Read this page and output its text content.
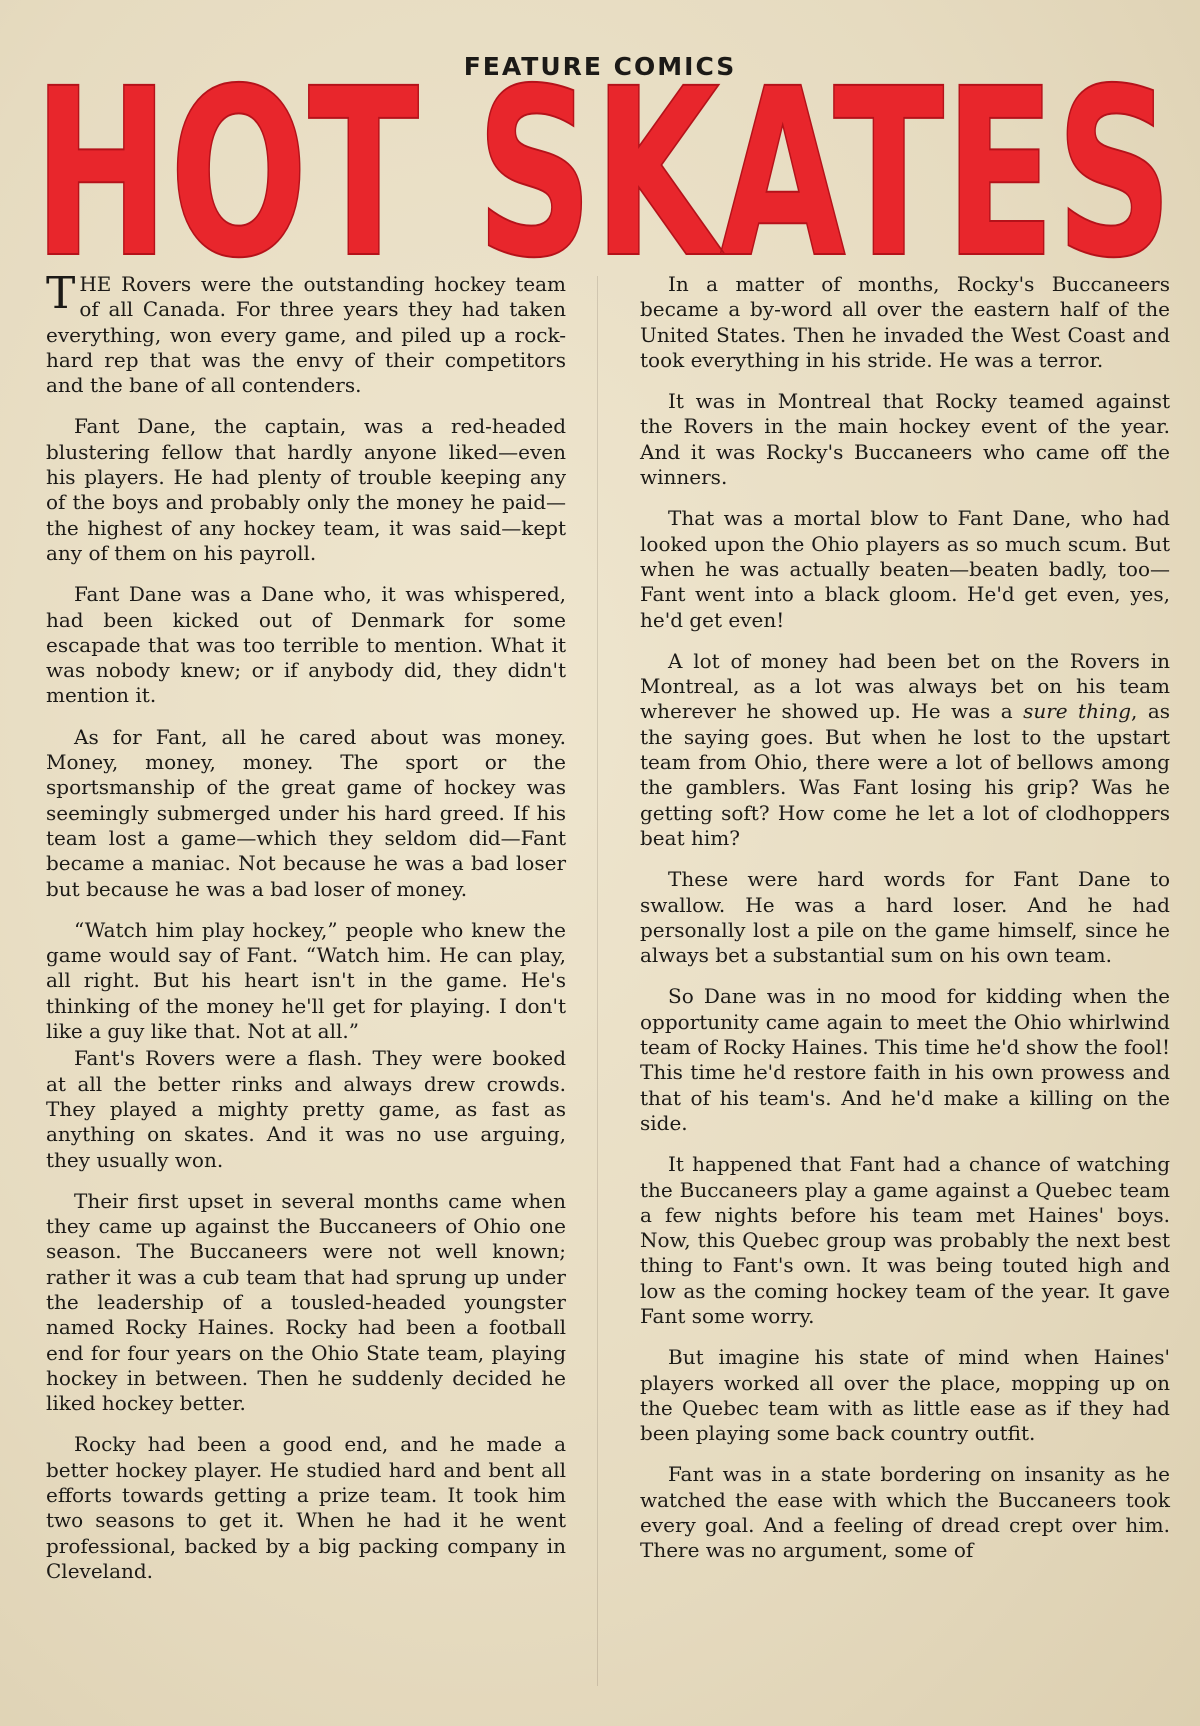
FEATURE COMICS
HOT SKATES

THE Rovers were the outstanding hockey team of all Canada. For three years they had taken everything, won every game, and piled up a rock-hard rep that was the envy of their competitors and the bane of all contenders.

Fant Dane, the captain, was a red-headed blustering fellow that hardly anyone liked—even his players. He had plenty of trouble keeping any of the boys and probably only the money he paid—the highest of any hockey team, it was said—kept any of them on his payroll.

Fant Dane was a Dane who, it was whispered, had been kicked out of Denmark for some escapade that was too terrible to mention. What it was nobody knew; or if anybody did, they didn't mention it.

As for Fant, all he cared about was money. Money, money, money. The sport or the sportsmanship of the great game of hockey was seemingly submerged under his hard greed. If his team lost a game—which they seldom did—Fant became a maniac. Not because he was a bad loser but because he was a bad loser of money.

“Watch him play hockey,” people who knew the game would say of Fant. “Watch him. He can play, all right. But his heart isn't in the game. He's thinking of the money he'll get for playing. I don't like a guy like that. Not at all.”

Fant's Rovers were a flash. They were booked at all the better rinks and always drew crowds. They played a mighty pretty game, as fast as anything on skates. And it was no use arguing, they usually won.

Their first upset in several months came when they came up against the Buccaneers of Ohio one season. The Buccaneers were not well known; rather it was a cub team that had sprung up under the leadership of a tousled-headed youngster named Rocky Haines. Rocky had been a football end for four years on the Ohio State team, playing hockey in between. Then he suddenly decided he liked hockey better.

Rocky had been a good end, and he made a better hockey player. He studied hard and bent all efforts towards getting a prize team. It took him two seasons to get it. When he had it he went professional, backed by a big packing company in Cleveland.

In a matter of months, Rocky's Buccaneers became a by-word all over the eastern half of the United States. Then he invaded the West Coast and took everything in his stride. He was a terror.

It was in Montreal that Rocky teamed against the Rovers in the main hockey event of the year. And it was Rocky's Buccaneers who came off the winners.

That was a mortal blow to Fant Dane, who had looked upon the Ohio players as so much scum. But when he was actually beaten—beaten badly, too—Fant went into a black gloom. He'd get even, yes, he'd get even!

A lot of money had been bet on the Rovers in Montreal, as a lot was always bet on his team wherever he showed up. He was a sure thing, as the saying goes. But when he lost to the upstart team from Ohio, there were a lot of bellows among the gamblers. Was Fant losing his grip? Was he getting soft? How come he let a lot of clodhoppers beat him?

These were hard words for Fant Dane to swallow. He was a hard loser. And he had personally lost a pile on the game himself, since he always bet a substantial sum on his own team.

So Dane was in no mood for kidding when the opportunity came again to meet the Ohio whirlwind team of Rocky Haines. This time he'd show the fool! This time he'd restore faith in his own prowess and that of his team's. And he'd make a killing on the side.

It happened that Fant had a chance of watching the Buccaneers play a game against a Quebec team a few nights before his team met Haines' boys. Now, this Quebec group was probably the next best thing to Fant's own. It was being touted high and low as the coming hockey team of the year. It gave Fant some worry.

But imagine his state of mind when Haines' players worked all over the place, mopping up on the Quebec team with as little ease as if they had been playing some back country outfit.

Fant was in a state bordering on insanity as he watched the ease with which the Buccaneers took every goal. And a feeling of dread crept over him. There was no argument, some of
